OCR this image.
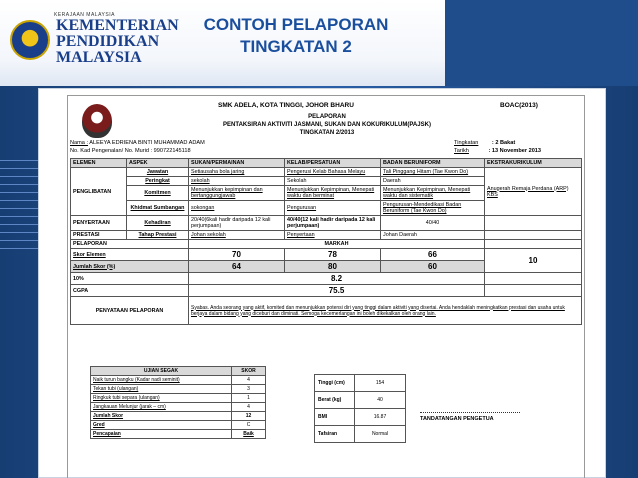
KERAJAAN MALAYSIA
KEMENTERIAN
PENDIDIKAN
MALAYSIA
CONTOH PELAPORAN
TINGKATAN 2
SMK ADELA, KOTA TINGGI, JOHOR BHARU	BOAC(2013)
PELAPORAN
PENTAKSIRAN AKTIVITI JASMANI, SUKAN DAN KOKURIKULUM(PAJSK)
TINGKATAN 2/2013
Nama : ALEEYA EDRIENA BINTI MUHAMMAD ADAM
No. Kad Pengenalan/ No. Murid : 990722145118
Tingkatan : 2 Bakat
Tarikh	: 13 November 2013
ELEMEN	ASPEK	SUKAN/PERMAINAN	KELAB/PERSATUAN	BADAN BERUNIFORM	EKSTRAKURIKULUM
PENGLIBATAN	Jawatan	Setiausaha bola jaring	Pengerusi Kelab Bahasa Melayu	Tali Pinggang Hitam (Tae Kwon Do)	Anugerah Remaja Perdana (ARP) KBS
	Peringkat	sekolah	Sekolah	Daerah	
	Komitmen	Menunjukkan kepimpinan dan bertanggungjawab	Menunjukkan Kepimpinan, Menepati waktu dan berminat	Menunjukkan Kepimpinan, Menepati waktu dan sistematik	
	Khidmat Sumbangan	sokongan	Pengurusan	Pengurusan-Mendedikasi Badan Beruniform (Tae Kwon Do)	
PENYERTAAN	Kehadiran	20/40(6kali hadir daripada 12 kali perjumpaan)	40/40(12 kali hadir daripada 12 kali perjumpaan)	40/40	
PRESTASI	Tahap Prestasi	Johan sekolah	Penyertaan	Johan Daerah	
PELAPORAN		MARKAH			
Skor Elemen		70	78	66	10
Jumlah Skor (%)		64	80	60	
10%		8.2			
CGPA		75.5			
PENYATAAN PELAPORAN		Syabas. Anda seorang yang aktif, komited dan menunjukkan potensi diri yang tinggi dalam aktiviti yang disertai. Anda hendaklah meningkatkan prestasi dan usaha untuk berjaya dalam bidang yang diceburi dan diminati. Semoga kecemerlangan ini boleh dikekalkan oleh orang lain.			
UJIAN SEGAK	SKOR
Naik turun bangku (Kadar nadi seminit)	4
Tekan tubi (ulangan)	3
Ringkuk tubi separa (ulangan)	1
Jangkauan Melunjur (jarak – cm)	4
Jumlah Skor	12
Gred	C
Pencapaian	Baik
Tinggi (cm)	154
Berat (kg)	40
BMI	16.87
Tafsiran	Normal
TANDATANGAN PENGETUA
